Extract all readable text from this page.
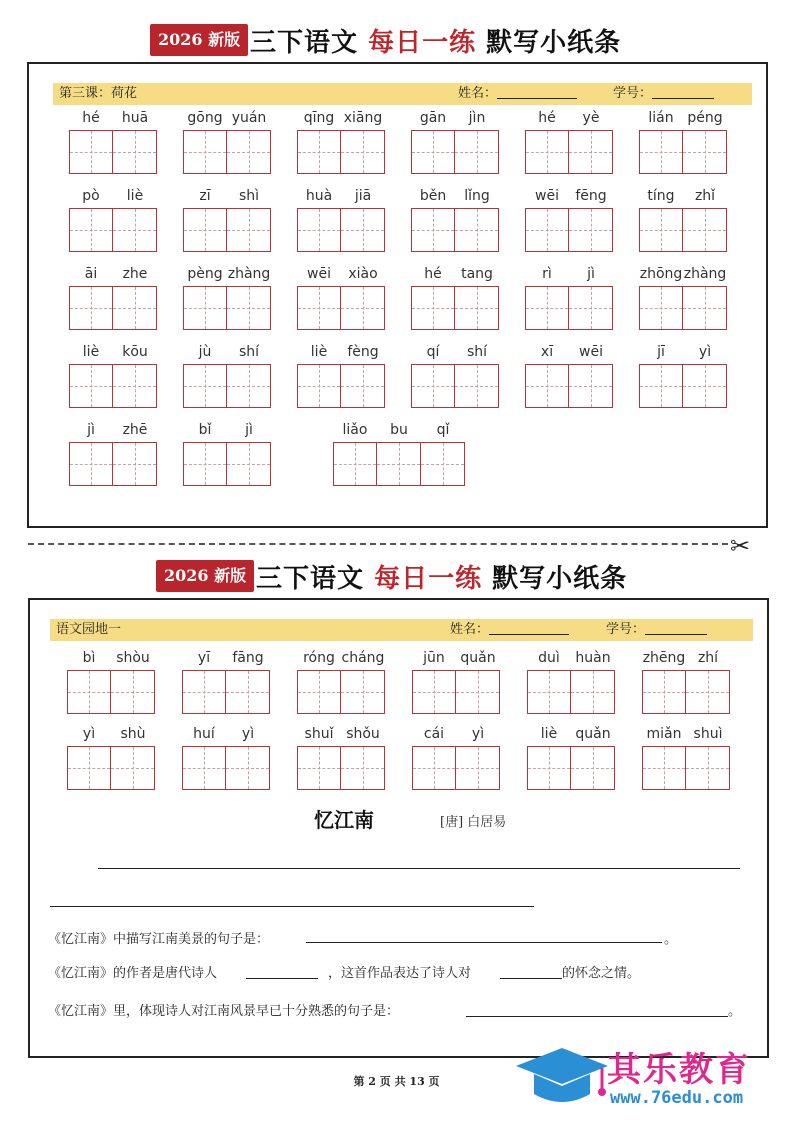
2026 新版 三下语文 每日一练 默写小纸条
第三课：荷花	姓名：	学号：
hé	huā	gōng yuán	qīng xiāng	gān	jìn	hé	yè	lián péng
pò	liè	zī	shì	huà	jiā	běn	lǐng	wēi	fēng	tíng	zhǐ
āi	zhe	pèng zhàng	wēi	xiào	hé	tang	rì	jì	zhōng zhàng
liè	kōu	jù	shí	liè	fèng	qí	shí	xī	wēi	jī	yì
jì	zhē	bǐ	jì	liǎo	bu	qǐ
✂
2026 新版 三下语文 每日一练 默写小纸条
语文园地一	姓名：	学号：
bì	shòu	yī	fāng	róng cháng	jūn	quǎn	duì	huàn	zhēng zhí
yì	shù	huí	yì	shuǐ shǒu	cái	yì	liè	quǎn	miǎn shuì
忆江南	[唐] 白居易
《忆江南》中描写江南美景的句子是：	。
《忆江南》的作者是唐代诗人	，这首作品表达了诗人对	的怀念之情。
《忆江南》里，体现诗人对江南风景早已十分熟悉的句子是：	。
第 2 页 共 13 页	其乐教育
www.76edu.com
